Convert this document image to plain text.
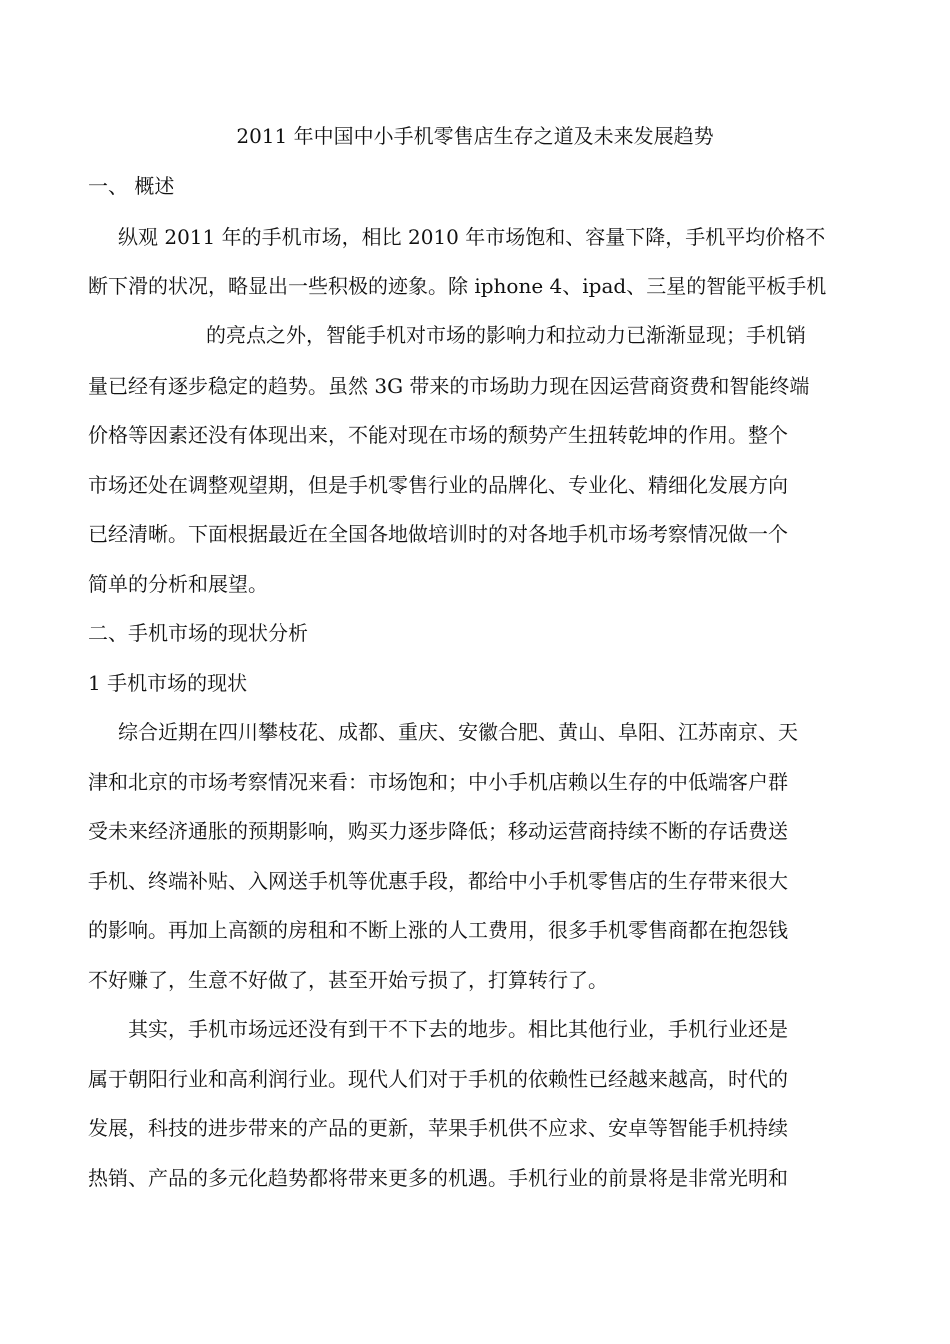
2011 年中国中小手机零售店生存之道及未来发展趋势
一、 概述
纵观 2011 年的手机市场，相比 2010 年市场饱和、容量下降，手机平均价格不
断下滑的状况，略显出一些积极的迹象。除 iphone 4、ipad、三星的智能平板手机
的亮点之外，智能手机对市场的影响力和拉动力已渐渐显现；手机销
量已经有逐步稳定的趋势。虽然 3G 带来的市场助力现在因运营商资费和智能终端
价格等因素还没有体现出来，不能对现在市场的颓势产生扭转乾坤的作用。整个
市场还处在调整观望期，但是手机零售行业的品牌化、专业化、精细化发展方向
已经清晰。下面根据最近在全国各地做培训时的对各地手机市场考察情况做一个
简单的分析和展望。
二、手机市场的现状分析
1 手机市场的现状
综合近期在四川攀枝花、成都、重庆、安徽合肥、黄山、阜阳、江苏南京、天
津和北京的市场考察情况来看：市场饱和；中小手机店赖以生存的中低端客户群
受未来经济通胀的预期影响，购买力逐步降低；移动运营商持续不断的存话费送
手机、终端补贴、入网送手机等优惠手段，都给中小手机零售店的生存带来很大
的影响。再加上高额的房租和不断上涨的人工费用，很多手机零售商都在抱怨钱
不好赚了，生意不好做了，甚至开始亏损了，打算转行了。
其实，手机市场远还没有到干不下去的地步。相比其他行业，手机行业还是
属于朝阳行业和高利润行业。现代人们对于手机的依赖性已经越来越高，时代的
发展，科技的进步带来的产品的更新，苹果手机供不应求、安卓等智能手机持续
热销、产品的多元化趋势都将带来更多的机遇。手机行业的前景将是非常光明和
